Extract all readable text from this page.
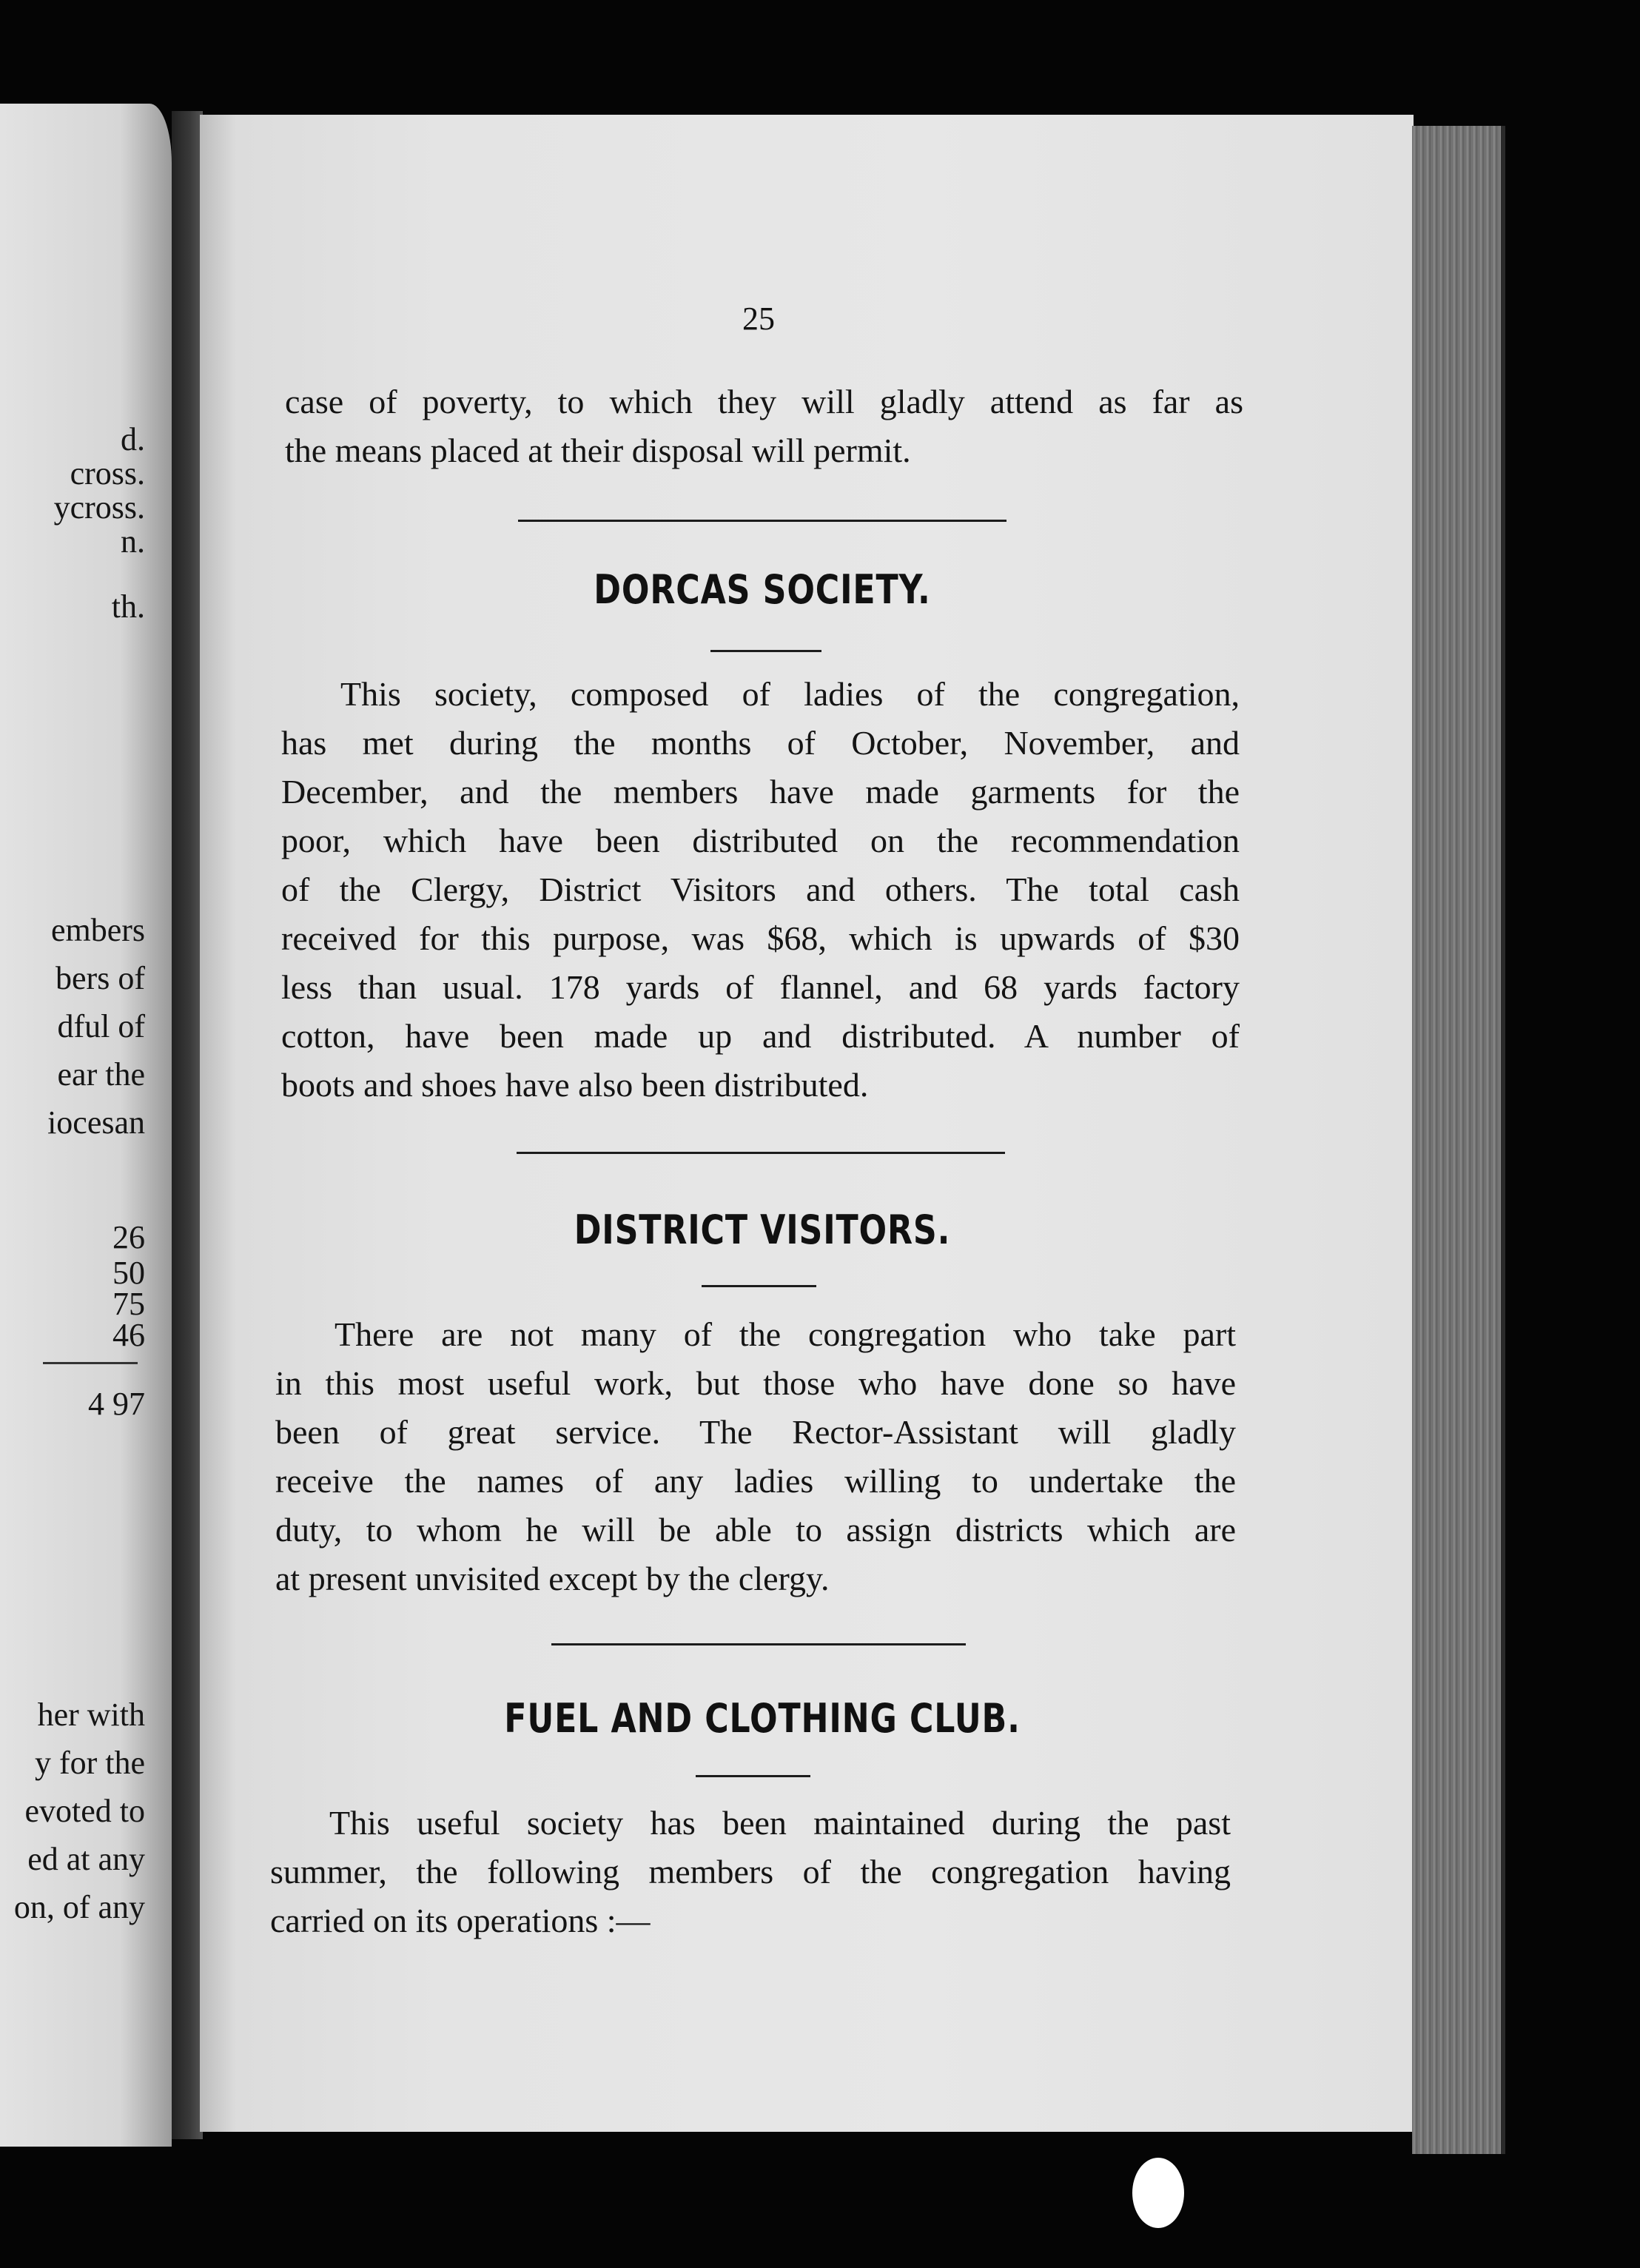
d.
cross.
ycross.
n.
th.
embers
bers of
dful of
ear the
iocesan
26
50
75
46
4 97
her with
y for the
evoted to
ed at any
on, of any
25
case of poverty, to which they will gladly attend as far as
the means placed at their disposal will permit.
DORCAS SOCIETY.
This society, composed of ladies of the congregation,
has met during the months of October, November, and
December, and the members have made garments for the
poor, which have been distributed on the recommendation
of the Clergy, District Visitors and others. The total cash
received for this purpose, was $68, which is upwards of $30
less than usual. 178 yards of flannel, and 68 yards factory
cotton, have been made up and distributed. A number of
boots and shoes have also been distributed.
DISTRICT VISITORS.
There are not many of the congregation who take part
in this most useful work, but those who have done so have
been of great service. The Rector-Assistant will gladly
receive the names of any ladies willing to undertake the
duty, to whom he will be able to assign districts which are
at present unvisited except by the clergy.
FUEL AND CLOTHING CLUB.
This useful society has been maintained during the past
summer, the following members of the congregation having
carried on its operations :—
